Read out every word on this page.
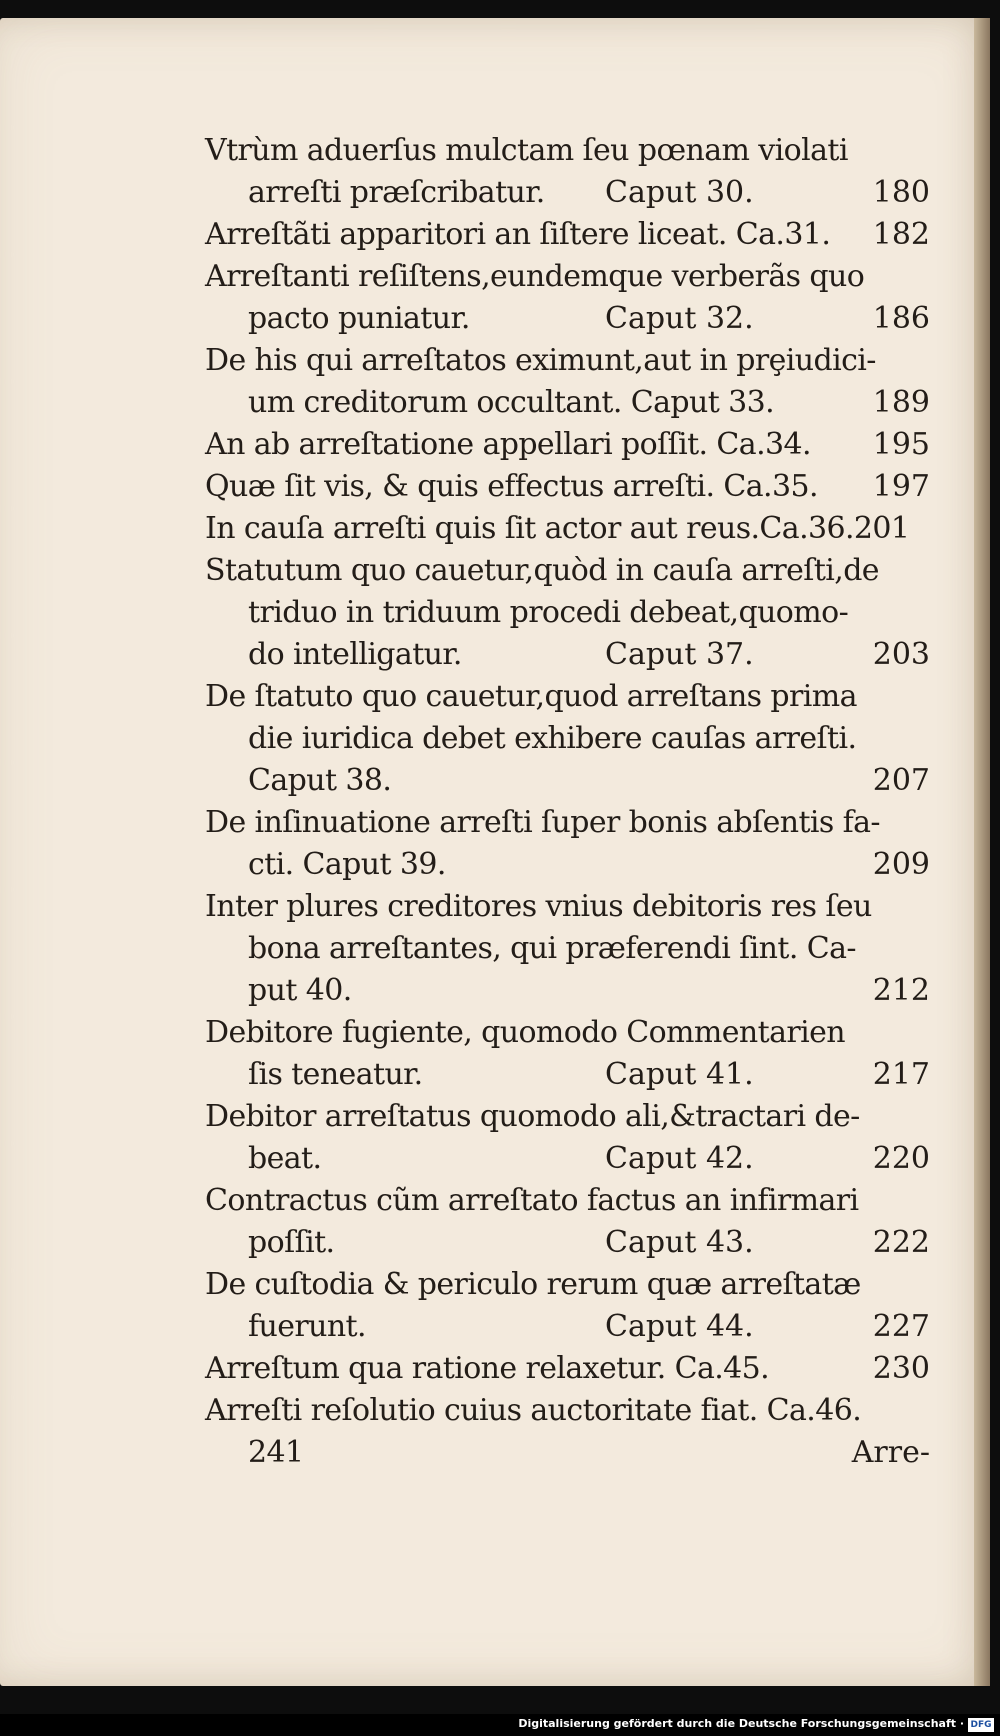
Vtrùm aduerſus mulctam ſeu pœnam violati
arreſti præſcribatur. Caput 30.	180
Arreſtãti apparitori an ſiſtere liceat. Ca.31. 182
Arreſtanti reſiſtens,eundemque verberãs quo
pacto puniatur.	Caput 32.	186
De his qui arreſtatos eximunt,aut in prȩiudici-
um creditorum occultant. Caput 33.	189
An ab arreſtatione appellari poſſit. Ca.34. 195
Quæ ſit vis, & quis effectus arreſti. Ca.35. 197
In cauſa arreſti quis ſit actor aut reus.Ca.36.201
Statutum quo cauetur,quòd in cauſa arreſti,de
triduo in triduum procedi debeat,quomo-
do intelligatur.	Caput 37.	203
De ſtatuto quo cauetur,quod arreſtans prima
die iuridica debet exhibere cauſas arreſti.
Caput 38.	207
De inſinuatione arreſti ſuper bonis abſentis fa-
cti. Caput 39.	209
Inter plures creditores vnius debitoris res ſeu
bona arreſtantes, qui præferendi ſint. Ca-
put 40.	212
Debitore fugiente, quomodo Commentarien
ſis teneatur.	Caput 41.	217
Debitor arreſtatus quomodo ali,&tractari de-
beat.	Caput 42.	220
Contractus cũm arreſtato factus an infirmari
poſſit.	Caput 43.	222
De cuſtodia & periculo rerum quæ arreſtatæ
fuerunt.	Caput 44.	227
Arreſtum qua ratione relaxetur. Ca.45.	230
Arreſti reſolutio cuius auctoritate fiat. Ca.46.
241	Arre-
Digitalisierung gefördert durch die Deutsche Forschungsgemeinschaft · DFG
